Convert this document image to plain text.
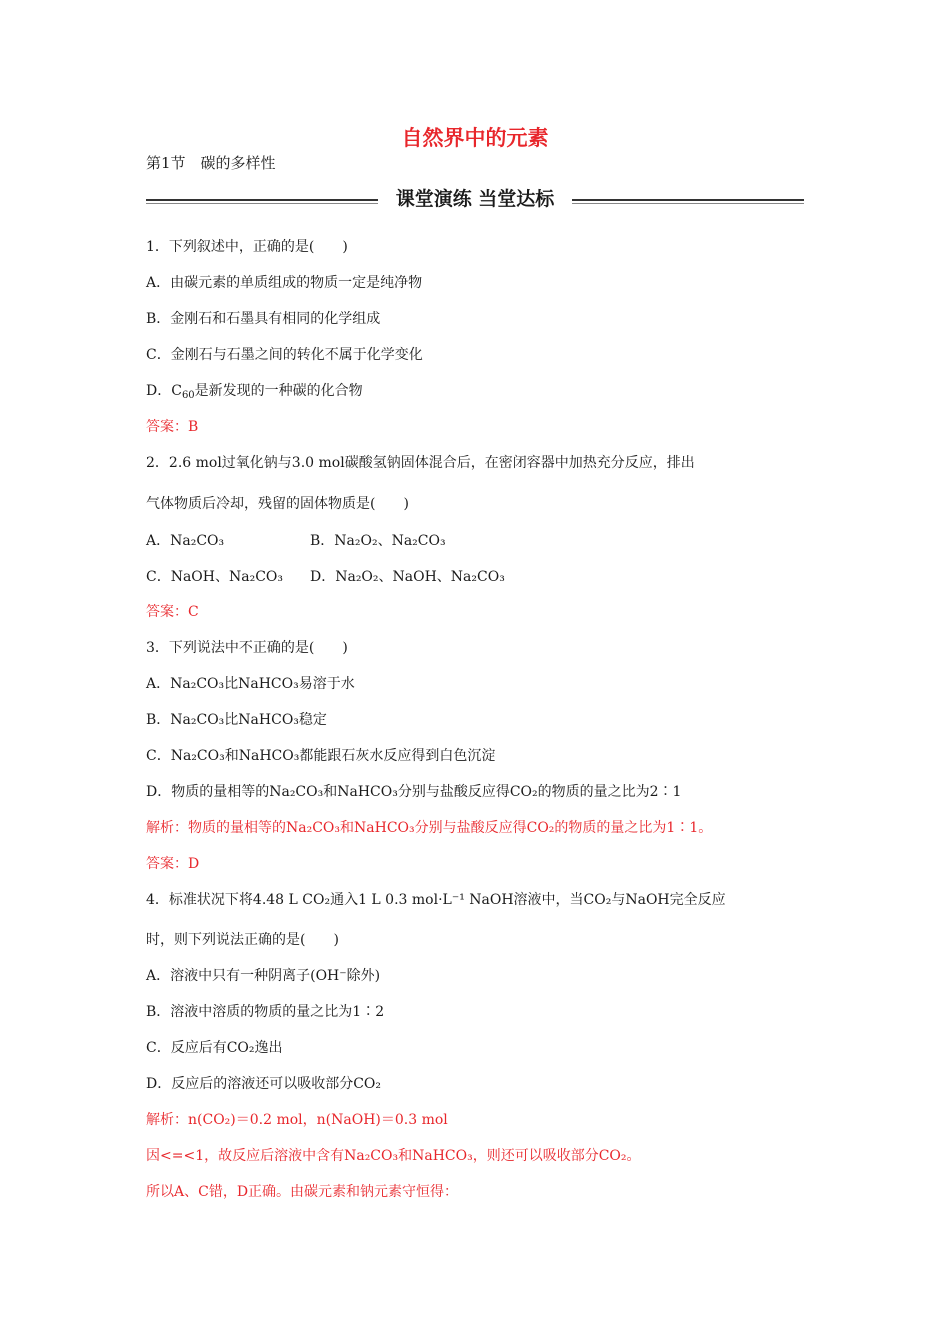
自然界中的元素
第1节　碳的多样性
课堂演练 当堂达标
1．下列叙述中，正确的是(　　)
A．由碳元素的单质组成的物质一定是纯净物
B．金刚石和石墨具有相同的化学组成
C．金刚石与石墨之间的转化不属于化学变化
D．$C_{60}$是新发现的一种碳的化合物
答案：B
2．2.6 mol过氧化钠与3.0 mol碳酸氢钠固体混合后，在密闭容器中加热充分反应，排出
气体物质后冷却，残留的固体物质是(　　)
A．Na₂CO₃	B．Na₂O₂、Na₂CO₃
C．NaOH、Na₂CO₃ D．Na₂O₂、NaOH、Na₂CO₃
答案：C
3．下列说法中不正确的是(　　)
A．Na₂CO₃比NaHCO₃易溶于水
B．Na₂CO₃比NaHCO₃稳定
C．Na₂CO₃和NaHCO₃都能跟石灰水反应得到白色沉淀
D．物质的量相等的Na₂CO₃和NaHCO₃分别与盐酸反应得CO₂的物质的量之比为2∶1
解析：物质的量相等的Na₂CO₃和NaHCO₃分别与盐酸反应得CO₂的物质的量之比为1∶1。
答案：D
4．标准状况下将4.48 L CO₂通入1 L 0.3 mol·L⁻¹ NaOH溶液中，当CO₂与NaOH完全反应
时，则下列说法正确的是(　　)
A．溶液中只有一种阴离子(OH⁻除外)
B．溶液中溶质的物质的量之比为1∶2
C．反应后有CO₂逸出
D．反应后的溶液还可以吸收部分CO₂
解析：n(CO₂)＝0.2 mol，n(NaOH)＝0.3 mol
因<=<1，故反应后溶液中含有Na₂CO₃和NaHCO₃，则还可以吸收部分CO₂。
所以A、C错，D正确。由碳元素和钠元素守恒得：
